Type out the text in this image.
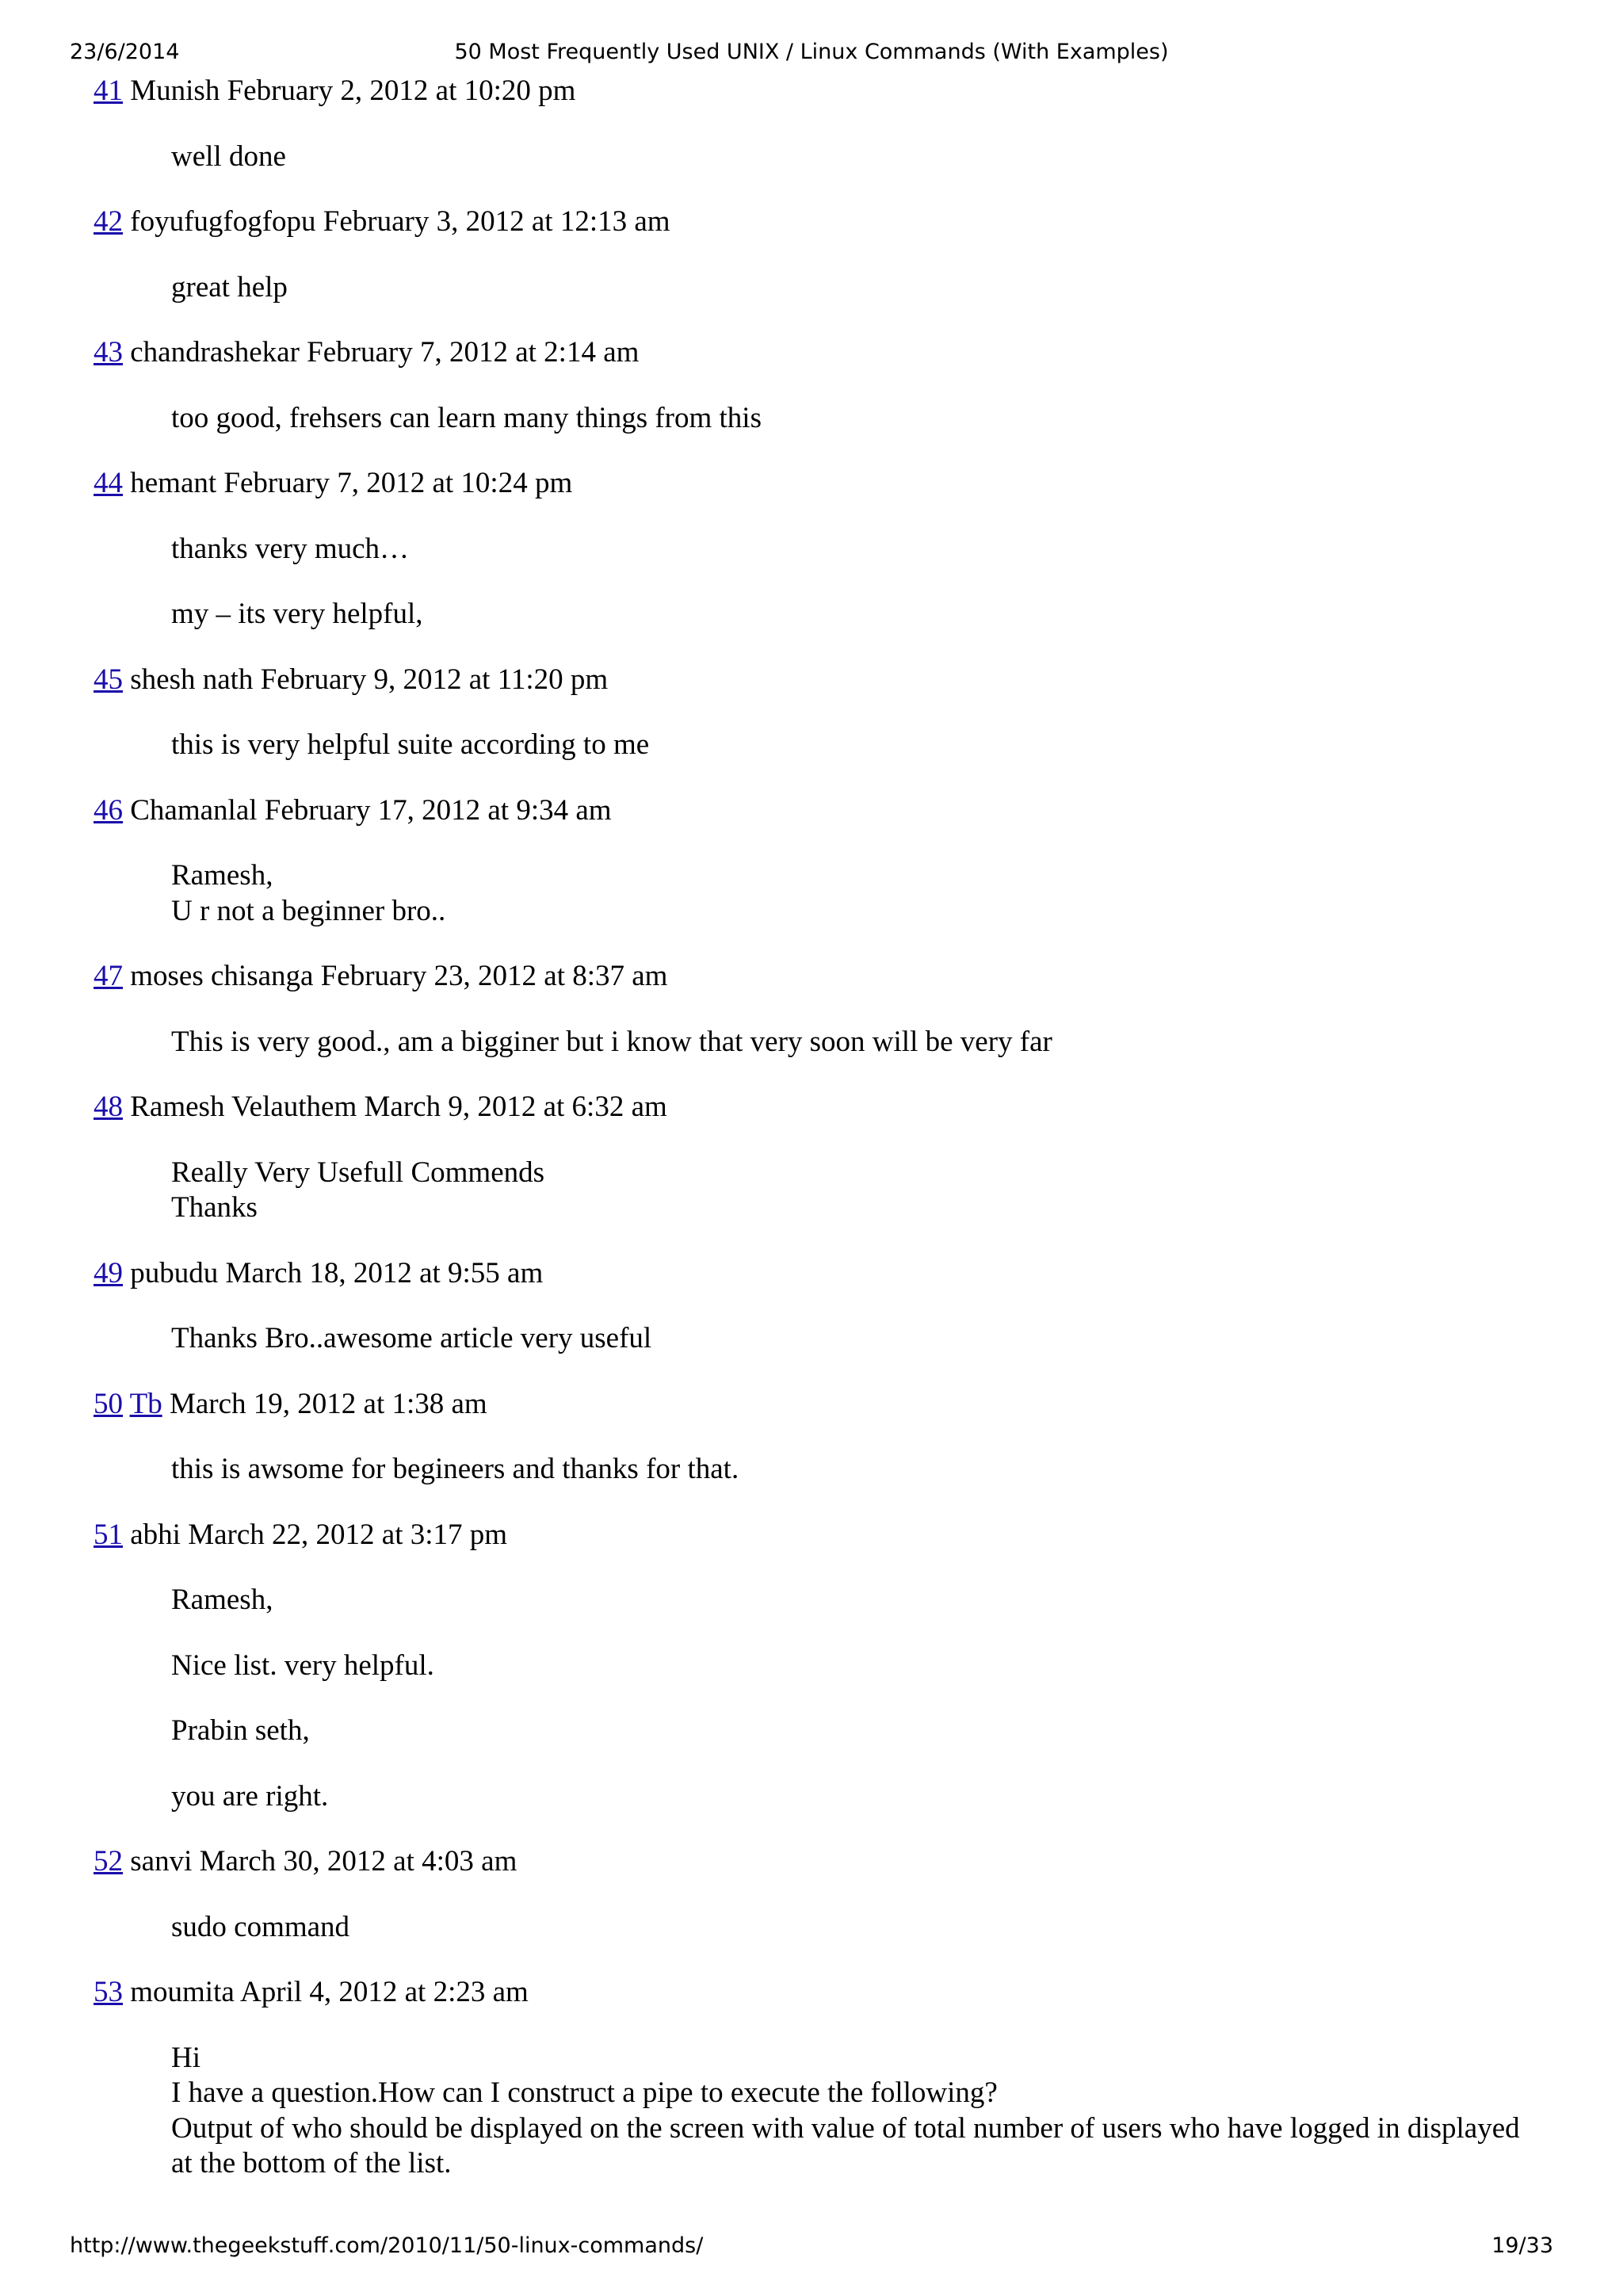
23/6/2014	50 Most Frequently Used UNIX / Linux Commands (With Examples)
41 Munish February 2, 2012 at 10:20 pm

well done

42 foyufugfogfopu February 3, 2012 at 12:13 am

great help

43 chandrashekar February 7, 2012 at 2:14 am

too good, frehsers can learn many things from this

44 hemant February 7, 2012 at 10:24 pm

thanks very much…

my – its very helpful,

45 shesh nath February 9, 2012 at 11:20 pm

this is very helpful suite according to me

46 Chamanlal February 17, 2012 at 9:34 am

Ramesh,
U r not a beginner bro..

47 moses chisanga February 23, 2012 at 8:37 am

This is very good., am a bigginer but i know that very soon will be very far

48 Ramesh Velauthem March 9, 2012 at 6:32 am

Really Very Usefull Commends
Thanks

49 pubudu March 18, 2012 at 9:55 am

Thanks Bro..awesome article very useful

50 Tb March 19, 2012 at 1:38 am

this is awsome for begineers and thanks for that.

51 abhi March 22, 2012 at 3:17 pm

Ramesh,

Nice list. very helpful.

Prabin seth,

you are right.

52 sanvi March 30, 2012 at 4:03 am

sudo command

53 moumita April 4, 2012 at 2:23 am

Hi
I have a question.How can I construct a pipe to execute the following?
Output of who should be displayed on the screen with value of total number of users who have logged in displayed at the bottom of the list.

http://www.thegeekstuff.com/2010/11/50-linux-commands/	19/33
